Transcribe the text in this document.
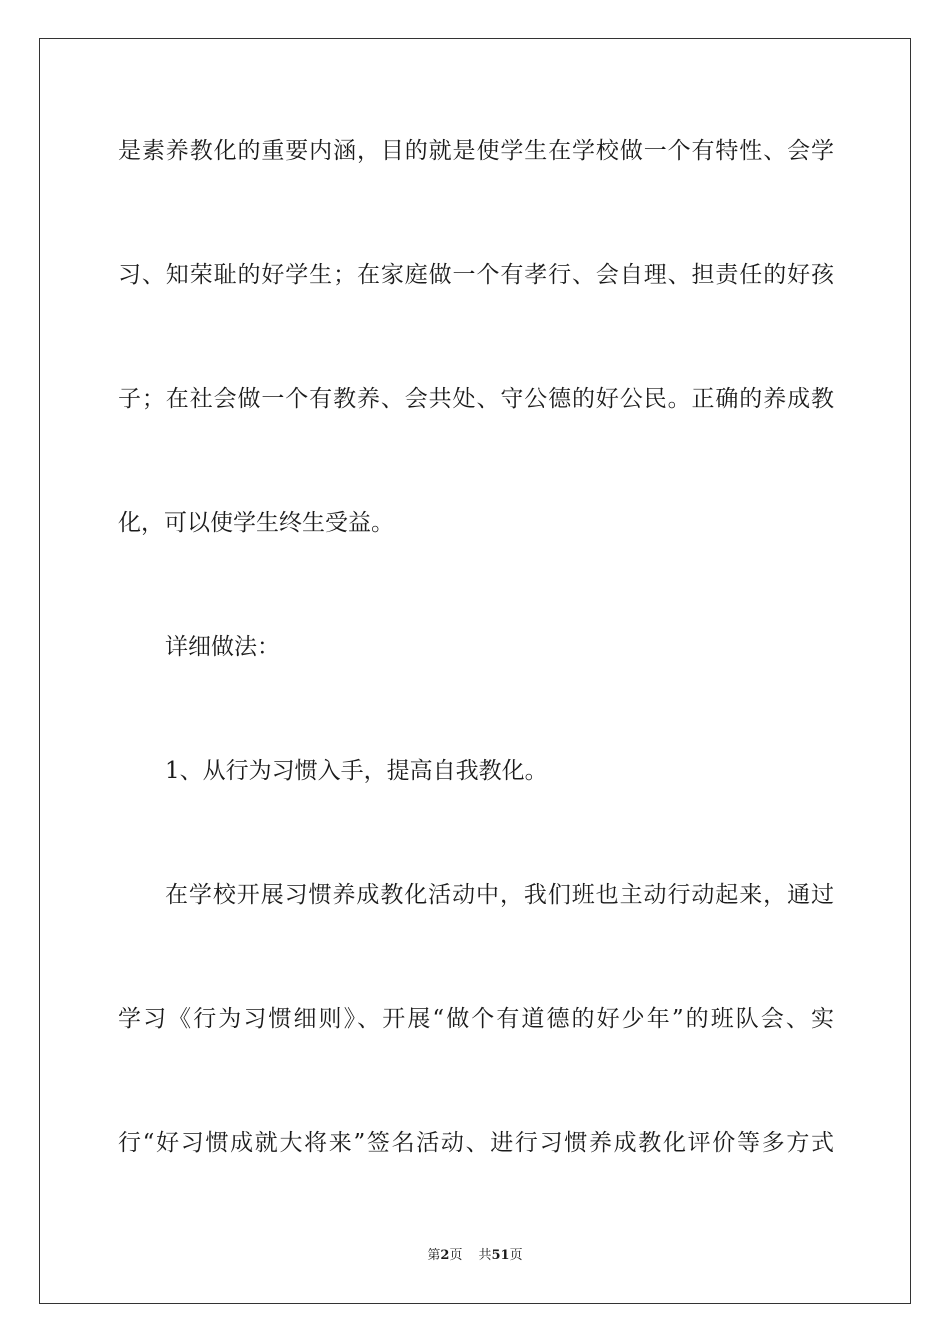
是素养教化的重要内涵，目的就是使学生在学校做一个有特性、会学
习、知荣耻的好学生；在家庭做一个有孝行、会自理、担责任的好孩
子；在社会做一个有教养、会共处、守公德的好公民。正确的养成教
化，可以使学生终生受益。
详细做法：
1、从行为习惯入手，提高自我教化。
在学校开展习惯养成教化活动中，我们班也主动行动起来，通过
学习《行为习惯细则》、开展“做个有道德的好少年”的班队会、实
行“好习惯成就大将来”签名活动、进行习惯养成教化评价等多方式
第2页 共51页
